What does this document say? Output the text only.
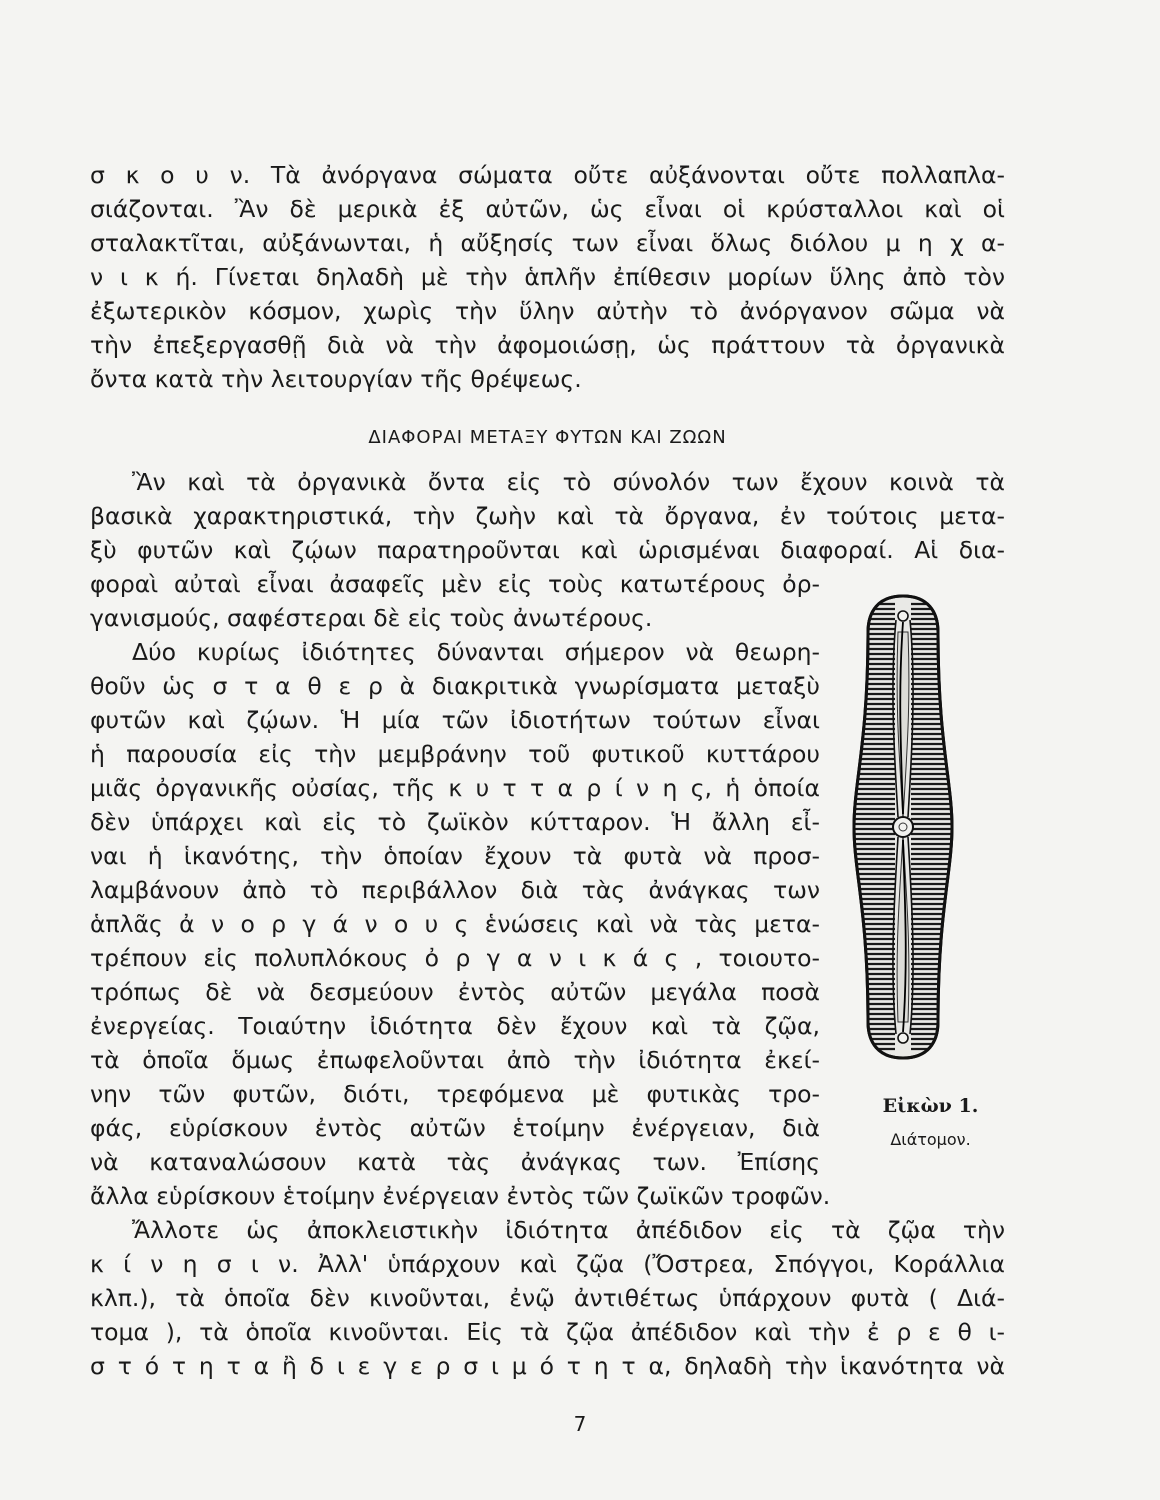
σ κ ο υ ν. Τὰ ἀνόργανα σώματα οὔτε αὐξάνονται οὔτε πολλαπλα-
σιάζονται. Ἂν δὲ μερικὰ ἐξ αὐτῶν, ὡς εἶναι οἱ κρύσταλλοι καὶ οἱ
σταλακτῖται, αὐξάνωνται, ἡ αὔξησίς των εἶναι ὅλως διόλου μ η χ α-
ν ι κ ή. Γίνεται δηλαδὴ μὲ τὴν ἁπλῆν ἐπίθεσιν μορίων ὕλης ἀπὸ τὸν
ἐξωτερικὸν κόσμον, χωρὶς τὴν ὕλην αὐτὴν τὸ ἀνόργανον σῶμα νὰ
τὴν ἐπεξεργασθῇ διὰ νὰ τὴν ἀφομοιώσῃ, ὡς πράττουν τὰ ὀργανικὰ
ὄντα κατὰ τὴν λειτουργίαν τῆς θρέψεως.
ΔΙΑΦΟΡΑΙ ΜΕΤΑΞΥ ΦΥΤΩΝ ΚΑΙ ΖΩΩΝ
Ἂν καὶ τὰ ὀργανικὰ ὄντα εἰς τὸ σύνολόν των ἔχουν κοινὰ τὰ
βασικὰ χαρακτηριστικά, τὴν ζωὴν καὶ τὰ ὄργανα, ἐν τούτοις μετα-
ξὺ φυτῶν καὶ ζῴων παρατηροῦνται καὶ ὡρισμέναι διαφοραί. Αἱ δια-
φοραὶ αὐταὶ εἶναι ἀσαφεῖς μὲν εἰς τοὺς κατωτέρους ὀρ-
γανισμούς, σαφέστεραι δὲ εἰς τοὺς ἀνωτέρους.
Δύο κυρίως ἰδιότητες δύνανται σήμερον νὰ θεωρη-
θοῦν ὡς σ τ α θ ε ρ ὰ διακριτικὰ γνωρίσματα μεταξὺ
φυτῶν καὶ ζῴων. Ἡ μία τῶν ἰδιοτήτων τούτων εἶναι
ἡ παρουσία εἰς τὴν μεμβράνην τοῦ φυτικοῦ κυττάρου
μιᾶς ὀργανικῆς οὐσίας, τῆς κ υ τ τ α ρ ί ν η ς, ἡ ὁποία
δὲν ὑπάρχει καὶ εἰς τὸ ζωϊκὸν κύτταρον. Ἡ ἄλλη εἶ-
ναι ἡ ἱκανότης, τὴν ὁποίαν ἔχουν τὰ φυτὰ νὰ προσ-
λαμβάνουν ἀπὸ τὸ περιβάλλον διὰ τὰς ἀνάγκας των
ἁπλᾶς ἀ ν ο ρ γ ά ν ο υ ς ἑνώσεις καὶ νὰ τὰς μετα-
τρέπουν εἰς πολυπλόκους ὀ ρ γ α ν ι κ ά ς , τοιουτο-
τρόπως δὲ νὰ δεσμεύουν ἐντὸς αὐτῶν μεγάλα ποσὰ
ἐνεργείας. Τοιαύτην ἰδιότητα δὲν ἔχουν καὶ τὰ ζῷα,
τὰ ὁποῖα ὅμως ἐπωφελοῦνται ἀπὸ τὴν ἰδιότητα ἐκεί-
νην τῶν φυτῶν, διότι, τρεφόμενα μὲ φυτικὰς τρο-
φάς, εὑρίσκουν ἐντὸς αὐτῶν ἑτοίμην ἐνέργειαν, διὰ
νὰ καταναλώσουν κατὰ τὰς ἀνάγκας των. Ἐπίσης
ἄλλα εὑρίσκουν ἑτοίμην ἐνέργειαν ἐντὸς τῶν ζωϊκῶν τροφῶν.
Ἄλλοτε ὡς ἀποκλειστικὴν ἰδιότητα ἀπέδιδον εἰς τὰ ζῷα τὴν
κ ί ν η σ ι ν. Ἀλλ' ὑπάρχουν καὶ ζῷα (Ὄστρεα, Σπόγγοι, Κοράλλια
κλπ.), τὰ ὁποῖα δὲν κινοῦνται, ἐνῷ ἀντιθέτως ὑπάρχουν φυτὰ ( Διά-
τομα ), τὰ ὁποῖα κινοῦνται. Εἰς τὰ ζῷα ἀπέδιδον καὶ τὴν ἐ ρ ε θ ι-
σ τ ό τ η τ α ἢ δ ι ε γ ε ρ σ ι μ ό τ η τ α, δηλαδὴ τὴν ἱκανότητα νὰ
Εἰκὼν 1.
Διάτομον.
7
